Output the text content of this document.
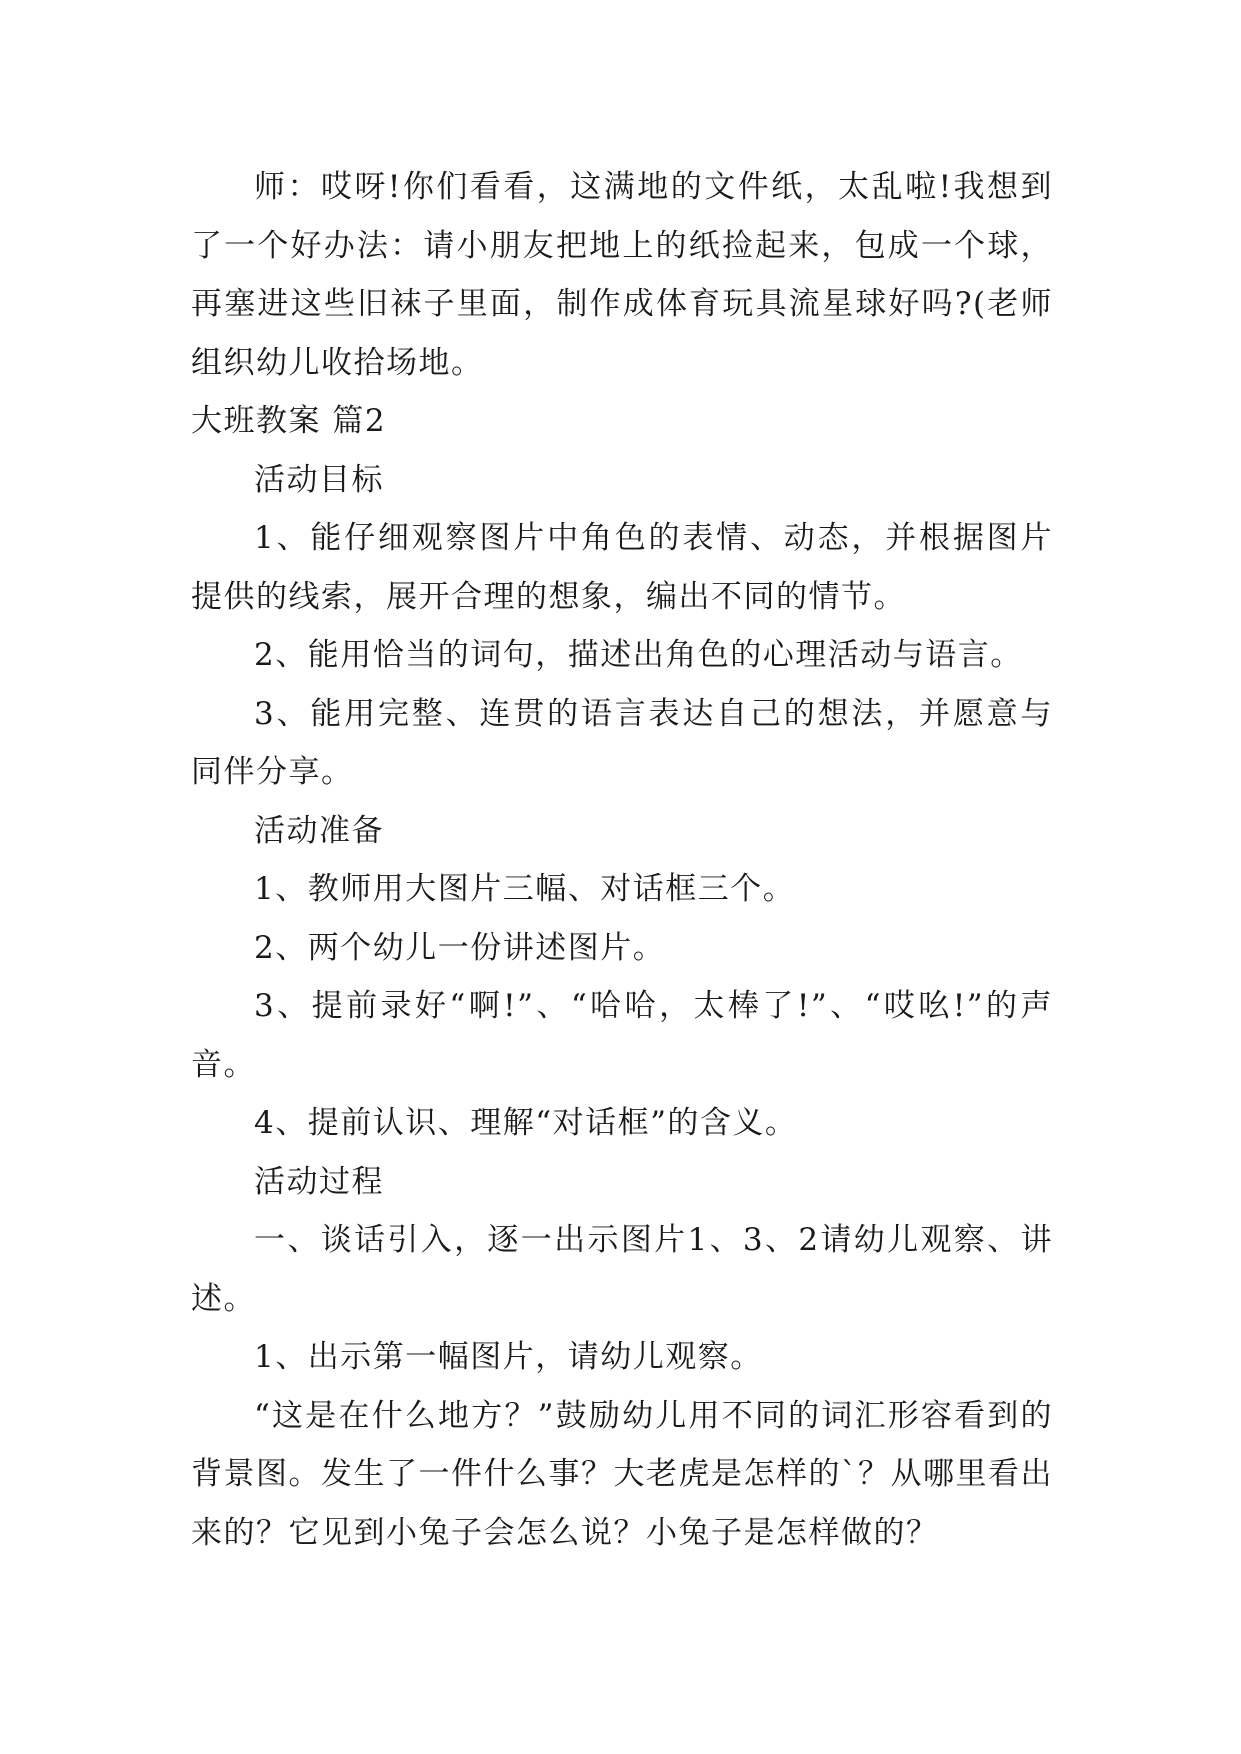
师：哎呀!你们看看，这满地的文件纸，太乱啦!我想到了一个好办法：请小朋友把地上的纸捡起来，包成一个球，再塞进这些旧袜子里面，制作成体育玩具流星球好吗?(老师组织幼儿收拾场地。

大班教案 篇2

活动目标

1、能仔细观察图片中角色的表情、动态，并根据图片提供的线索，展开合理的想象，编出不同的情节。

2、能用恰当的词句，描述出角色的心理活动与语言。

3、能用完整、连贯的语言表达自己的想法，并愿意与同伴分享。

活动准备

1、教师用大图片三幅、对话框三个。

2、两个幼儿一份讲述图片。

3、提前录好“啊!”、“哈哈，太棒了!”、“哎吆!”的声音。

4、提前认识、理解“对话框”的含义。

活动过程

一、谈话引入，逐一出示图片1、3、2请幼儿观察、讲述。

1、出示第一幅图片，请幼儿观察。

“这是在什么地方？”鼓励幼儿用不同的词汇形容看到的背景图。发生了一件什么事？大老虎是怎样的`？从哪里看出来的？它见到小兔子会怎么说？小兔子是怎样做的？
